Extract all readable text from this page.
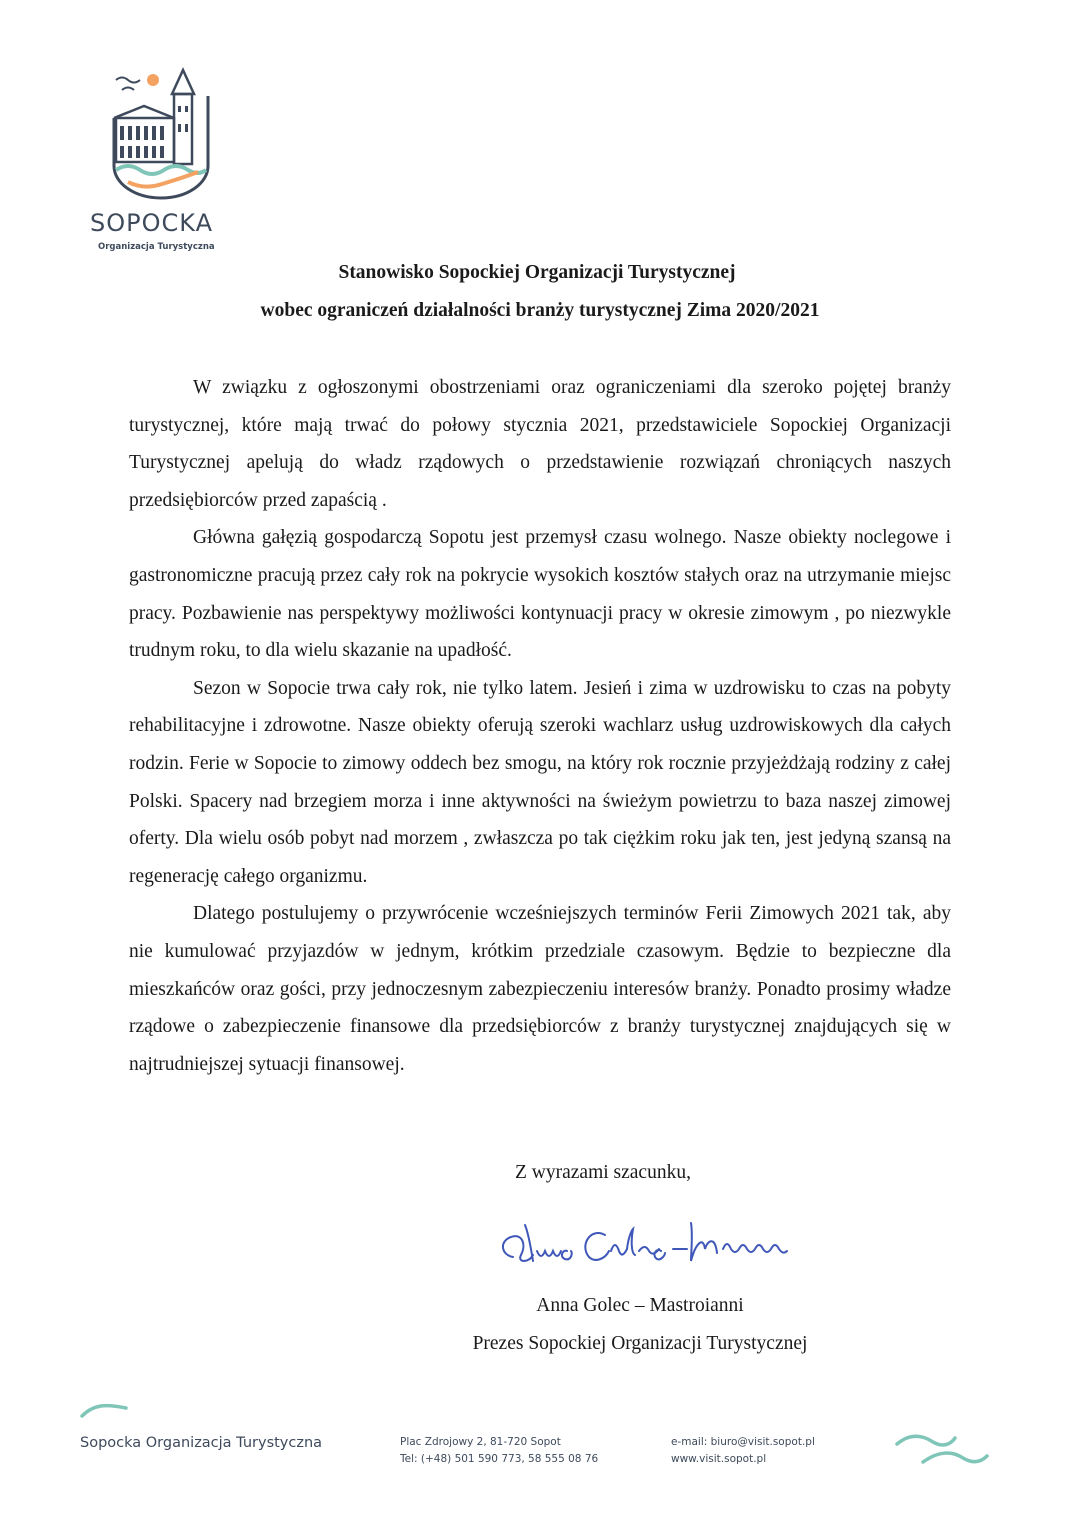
SOPOCKA
Organizacja Turystyczna
Stanowisko Sopockiej Organizacji Turystycznej
wobec ograniczeń działalności branży turystycznej Zima 2020/2021

W związku z ogłoszonymi obostrzeniami oraz ograniczeniami dla szeroko pojętej branży turystycznej, które mają trwać do połowy stycznia 2021, przedstawiciele Sopockiej Organizacji Turystycznej apelują do władz rządowych o przedstawienie rozwiązań chroniących naszych przedsiębiorców przed zapaścią .

Główna gałęzią gospodarczą Sopotu jest przemysł czasu wolnego. Nasze obiekty noclegowe i gastronomiczne pracują przez cały rok na pokrycie wysokich kosztów stałych oraz na utrzymanie miejsc pracy. Pozbawienie nas perspektywy możliwości kontynuacji pracy w okresie zimowym , po niezwykle trudnym roku, to dla wielu skazanie na upadłość.

Sezon w Sopocie trwa cały rok, nie tylko latem. Jesień i zima w uzdrowisku to czas na pobyty rehabilitacyjne i zdrowotne. Nasze obiekty oferują szeroki wachlarz usług uzdrowiskowych dla całych rodzin. Ferie w Sopocie to zimowy oddech bez smogu, na który rok rocznie przyjeżdżają rodziny z całej Polski. Spacery nad brzegiem morza i inne aktywności na świeżym powietrzu to baza naszej zimowej oferty. Dla wielu osób pobyt nad morzem , zwłaszcza po tak ciężkim roku jak ten, jest jedyną szansą na regenerację całego organizmu.

Dlatego postulujemy o przywrócenie wcześniejszych terminów Ferii Zimowych 2021 tak, aby nie kumulować przyjazdów w jednym, krótkim przedziale czasowym. Będzie to bezpieczne dla mieszkańców oraz gości, przy jednoczesnym zabezpieczeniu interesów branży. Ponadto prosimy władze rządowe o zabezpieczenie finansowe dla przedsiębiorców z branży turystycznej znajdujących się w najtrudniejszej sytuacji finansowej.

Z wyrazami szacunku,
Anna Golec – Mastroianni
Prezes Sopockiej Organizacji Turystycznej
Sopocka Organizacja Turystyczna	Plac Zdrojowy 2, 81-720 Sopot
Tel: (+48) 501 590 773, 58 555 08 76
e-mail: biuro@visit.sopot.pl
www.visit.sopot.pl
